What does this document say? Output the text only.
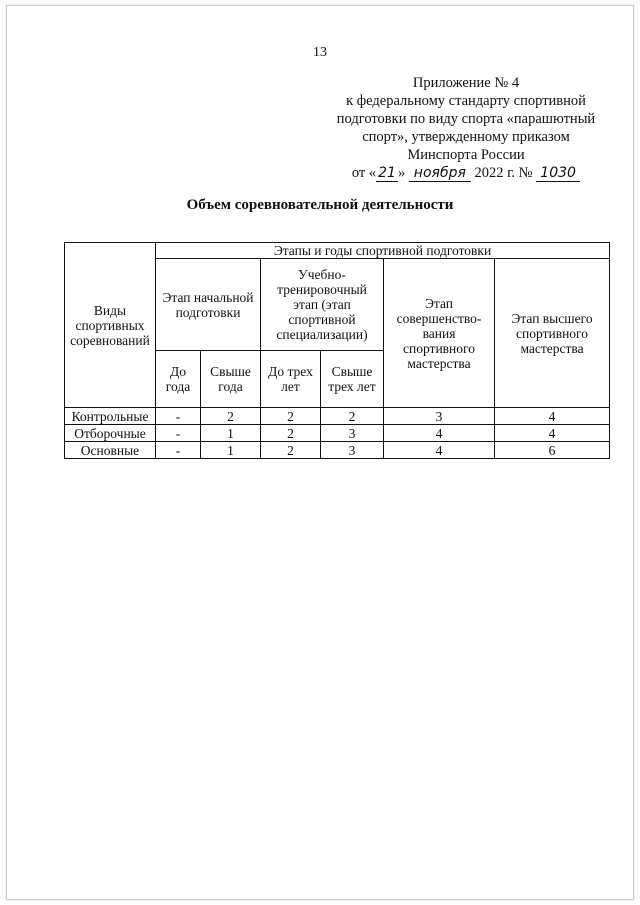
13
Приложение № 4
к федеральному стандарту спортивной
подготовки по виду спорта «парашютный
спорт», утвержденному приказом
Минспорта России
от « 21 » ноября 2022 г. № 1030
Объем соревновательной деятельности
Виды спортивных соревнований	Этапы и годы спортивной подготовки					
	Этап начальной подготовки		Учебно-тренировочный этап (этап спортивной специализации)		Этап совершенство-вания спортивного мастерства	Этап высшего спортивного мастерства
	До года	Свыше года	До трех лет	Свыше трех лет		
Контрольные	-	2	2	2	3	4
Отборочные	-	1	2	3	4	4
Основные	-	1	2	3	4	6
